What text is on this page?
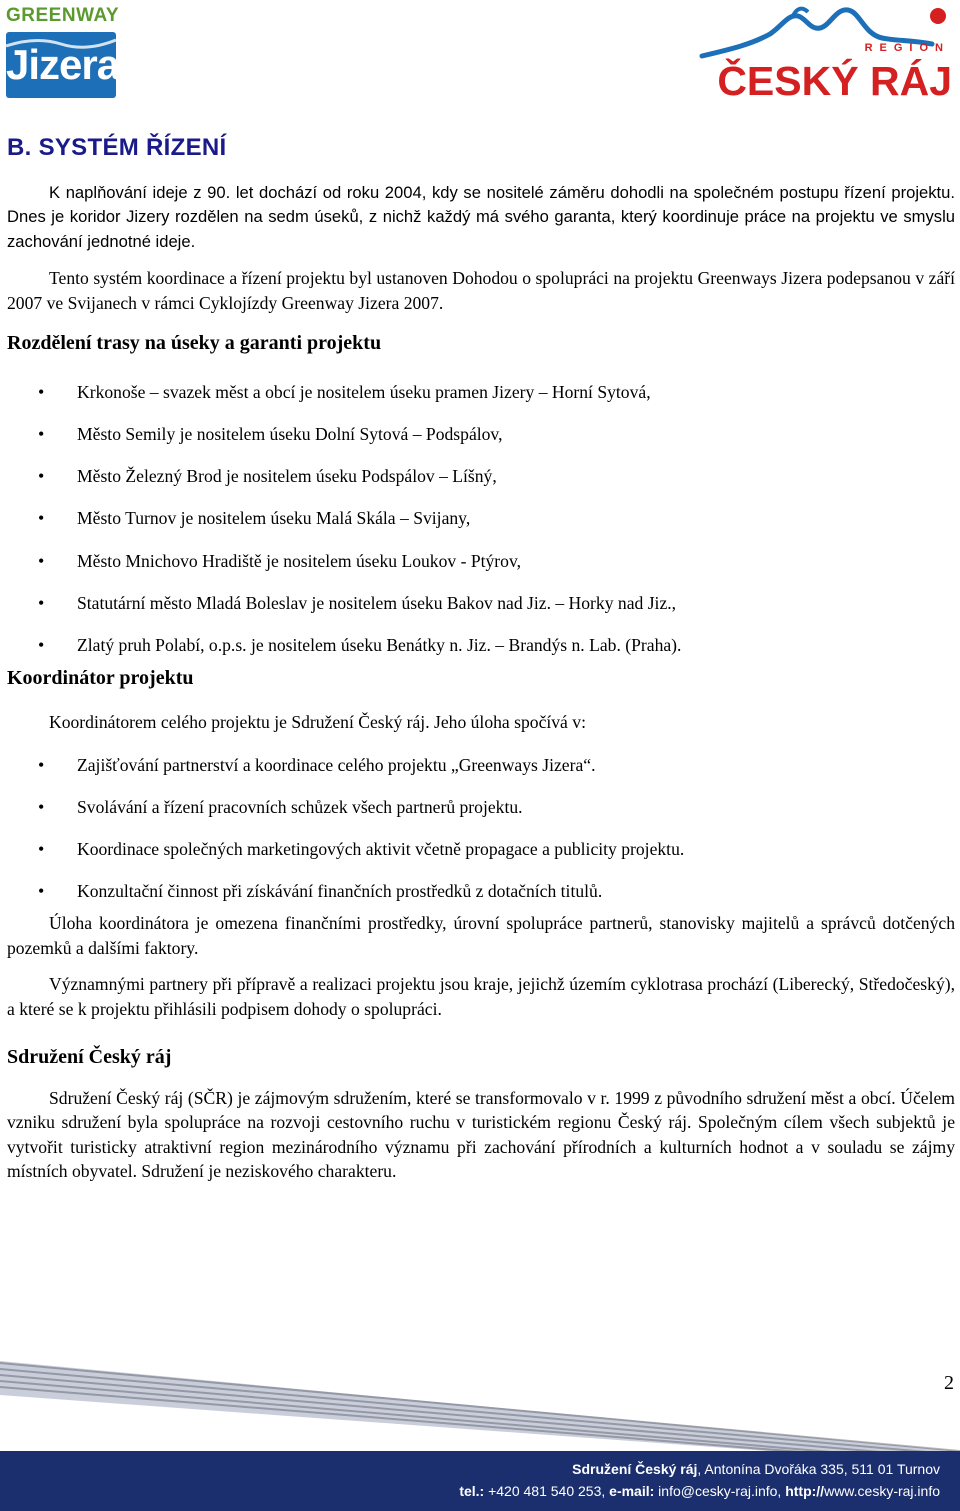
GREENWAY
Jizera	REGION
ČESKÝ RÁJ
B. SYSTÉM ŘÍZENÍ

K naplňování ideje z 90. let dochází od roku 2004, kdy se nositelé záměru dohodli na společném postupu řízení projektu. Dnes je koridor Jizery rozdělen na sedm úseků, z nichž každý má svého garanta, který koordinuje práce na projektu ve smyslu zachování jednotné ideje.

Tento systém koordinace a řízení projektu byl ustanoven Dohodou o spolupráci na projektu Greenways Jizera podepsanou v září 2007 ve Svijanech v rámci Cyklojízdy Greenway Jizera 2007.

Rozdělení trasy na úseky a garanti projektu
• Krkonoše – svazek měst a obcí je nositelem úseku pramen Jizery – Horní Sytová,
• Město Semily je nositelem úseku Dolní Sytová – Podspálov,
• Město Železný Brod je nositelem úseku Podspálov – Líšný,
• Město Turnov je nositelem úseku Malá Skála – Svijany,
• Město Mnichovo Hradiště je nositelem úseku Loukov - Ptýrov,
• Statutární město Mladá Boleslav je nositelem úseku Bakov nad Jiz. – Horky nad Jiz.,
• Zlatý pruh Polabí, o.p.s. je nositelem úseku Benátky n. Jiz. – Brandýs n. Lab. (Praha).
Koordinátor projektu

Koordinátorem celého projektu je Sdružení Český ráj. Jeho úloha spočívá v:

• Zajišťování partnerství a koordinace celého projektu „Greenways Jizera“.
• Svolávání a řízení pracovních schůzek všech partnerů projektu.
• Koordinace společných marketingových aktivit včetně propagace a publicity projektu.
• Konzultační činnost při získávání finančních prostředků z dotačních titulů.

Úloha koordinátora je omezena finančními prostředky, úrovní spolupráce partnerů, stanovisky majitelů a správců dotčených pozemků a dalšími faktory.

Významnými partnery při přípravě a realizaci projektu jsou kraje, jejichž územím cyklotrasa prochází (Liberecký, Středočeský), a které se k projektu přihlásili podpisem dohody o spolupráci.

Sdružení Český ráj

Sdružení Český ráj (SČR) je zájmovým sdružením, které se transformovalo v r. 1999 z původního sdružení měst a obcí. Účelem vzniku sdružení byla spolupráce na rozvoji cestovního ruchu v turistickém regionu Český ráj. Společným cílem všech subjektů je vytvořit turisticky atraktivní region mezinárodního významu při zachování přírodních a kulturních hodnot a v souladu se zájmy místních obyvatel. Sdružení je neziskového charakteru.

2
Sdružení Český ráj, Antonína Dvořáka 335, 511 01 Turnov
tel.: +420 481 540 253, e-mail: info@cesky-raj.info, http://www.cesky-raj.info
